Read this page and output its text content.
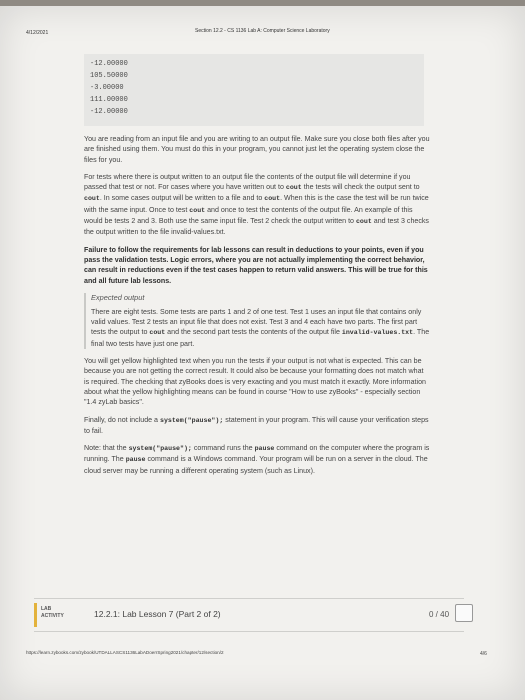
4/12/2021	Section 12.2 - CS 1136 Lab A: Computer Science Laboratory
-12.00000
105.50000
-3.00000
111.00000
-12.00000

You are reading from an input file and you are writing to an output file. Make sure you close both files after you are finished using them. You must do this in your program, you cannot just let the operating system close the files for you.

For tests where there is output written to an output file the contents of the output file will determine if you passed that test or not. For cases where you have written out to cout the tests will check the output sent to cout. In some cases output will be written to a file and to cout. When this is the case the test will be run twice with the same input. Once to test cout and once to test the contents of the output file. An example of this would be tests 2 and 3. Both use the same input file. Test 2 check the output written to cout and test 3 checks the output written to the file invalid-values.txt.

Failure to follow the requirements for lab lessons can result in deductions to your points, even if you pass the validation tests. Logic errors, where you are not actually implementing the correct behavior, can result in reductions even if the test cases happen to return valid answers. This will be true for this and all future lab lessons.

Expected output

There are eight tests. Some tests are parts 1 and 2 of one test. Test 1 uses an input file that contains only valid values. Test 2 tests an input file that does not exist. Test 3 and 4 each have two parts. The first part tests the output to cout and the second part tests the contents of the output file invalid-values.txt. The final two tests have just one part.

You will get yellow highlighted text when you run the tests if your output is not what is expected. This can be because you are not getting the correct result. It could also be because your formatting does not match what is required. The checking that zyBooks does is very exacting and you must match it exactly. More information about what the yellow highlighting means can be found in course "How to use zyBooks" - especially section "1.4 zyLab basics".

Finally, do not include a system("pause"); statement in your program. This will cause your verification steps to fail.

Note: that the system("pause"); command runs the pause command on the computer where the program is running. The pause command is a Windows command. Your program will be run on a server in the cloud. The cloud server may be running a different operating system (such as Linux).

LAB
ACTIVITY	12.2.1: Lab Lesson 7 (Part 2 of 2)	0 / 40
https://learn.zybooks.com/zybook/UTDALLASCS1136LabADoerrSpring2021/chapter/12/section/2	4/6
